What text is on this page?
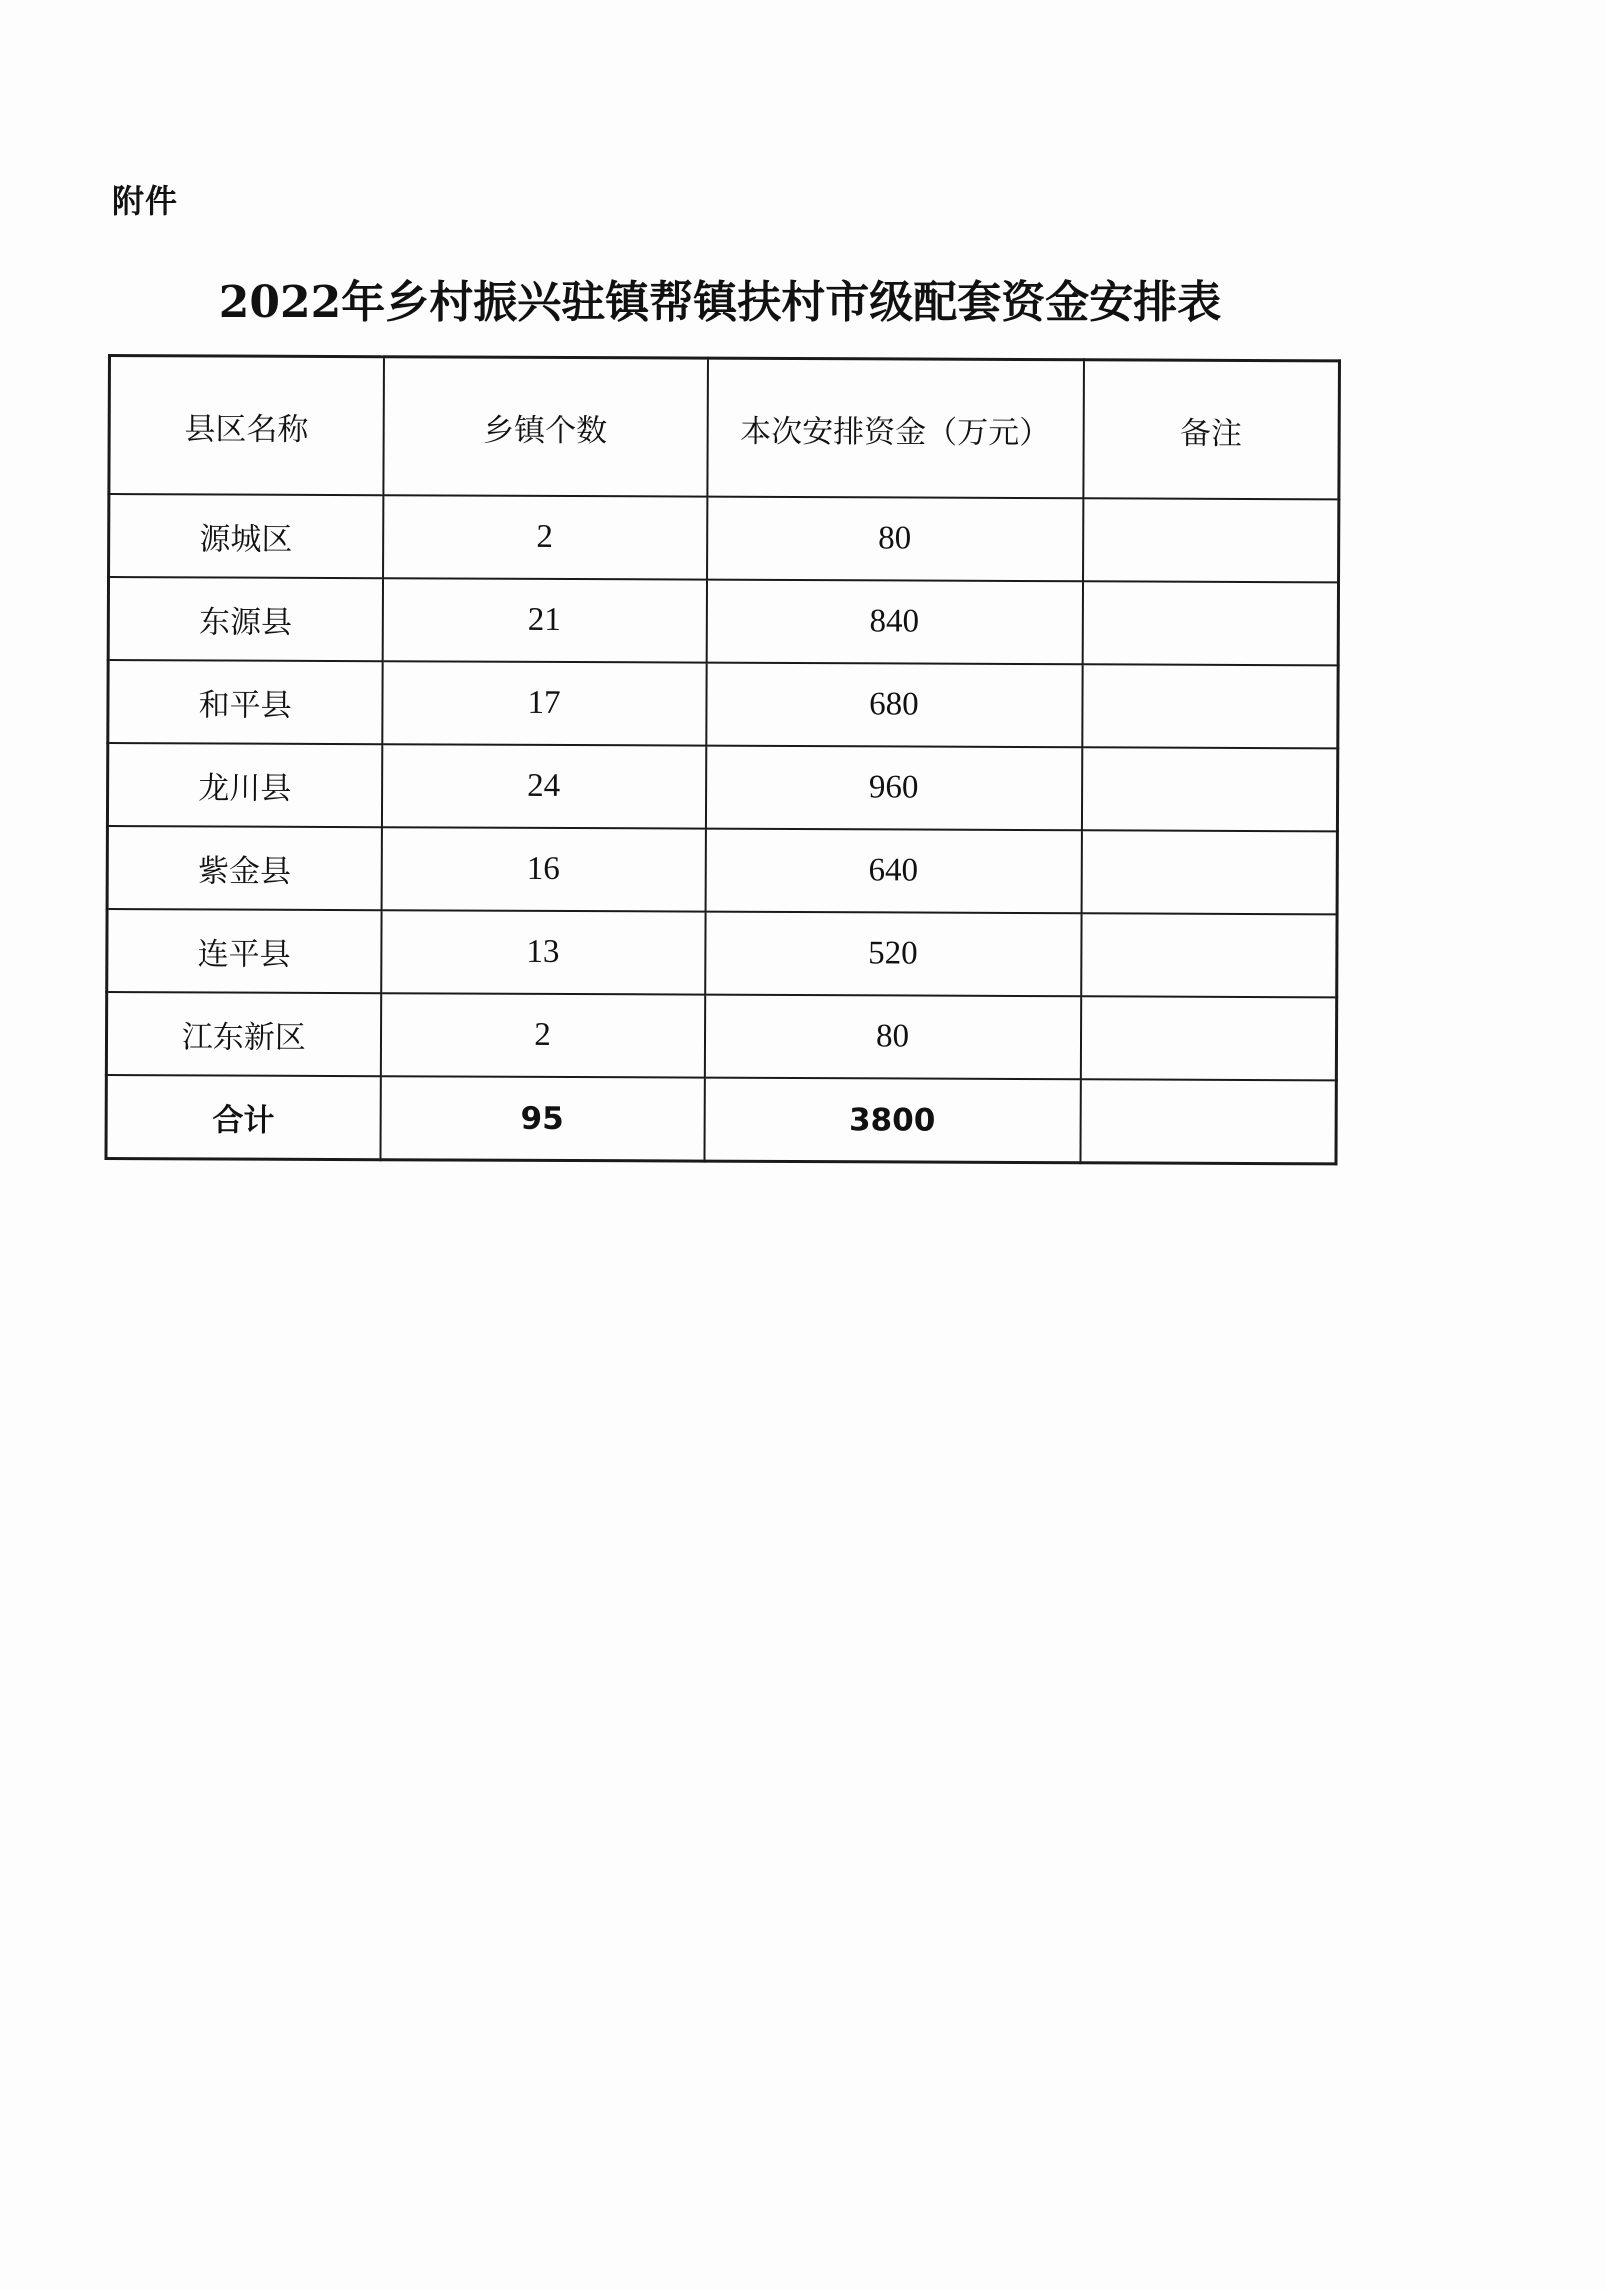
附件
2022年乡村振兴驻镇帮镇扶村市级配套资金安排表
县区名称	乡镇个数	本次安排资金（万元）	备注
源城区	2	80	
东源县	21	840	
和平县	17	680	
龙川县	24	960	
紫金县	16	640	
连平县	13	520	
江东新区	2	80	
合计	95	3800	
